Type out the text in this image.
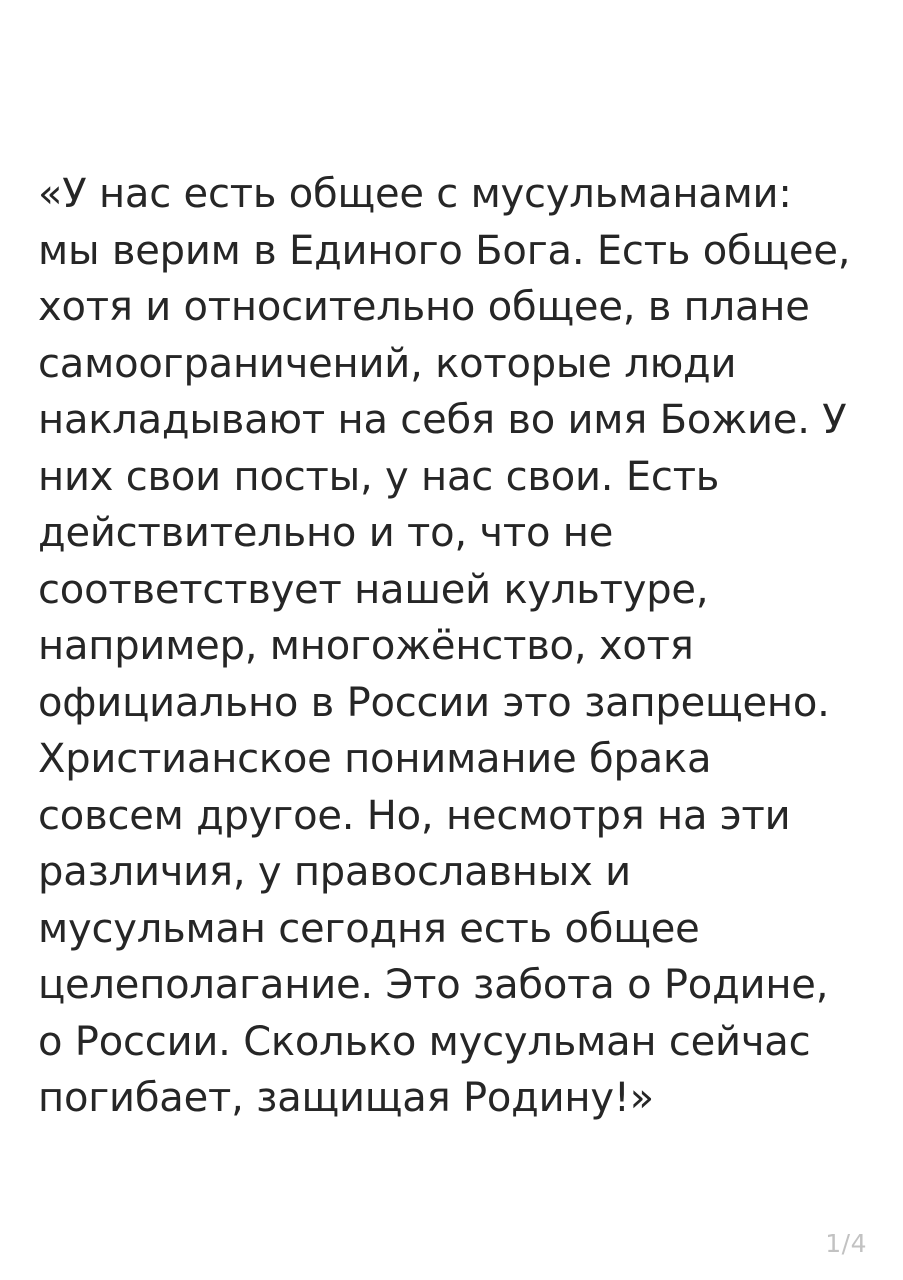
«У нас есть общее с мусульманами: мы верим в Единого Бога. Есть общее, хотя и относительно общее, в плане самоограничений, которые люди накладывают на себя во имя Божие. У них свои посты, у нас свои. Есть действительно и то, что не соответствует нашей культуре, например, многожёнство, хотя официально в России это запрещено. Христианское понимание брака совсем другое. Но, несмотря на эти различия, у православных и мусульман сегодня есть общее целеполагание. Это забота о Родине, о России. Сколько мусульман сейчас погибает, защищая Родину!»

1/4
